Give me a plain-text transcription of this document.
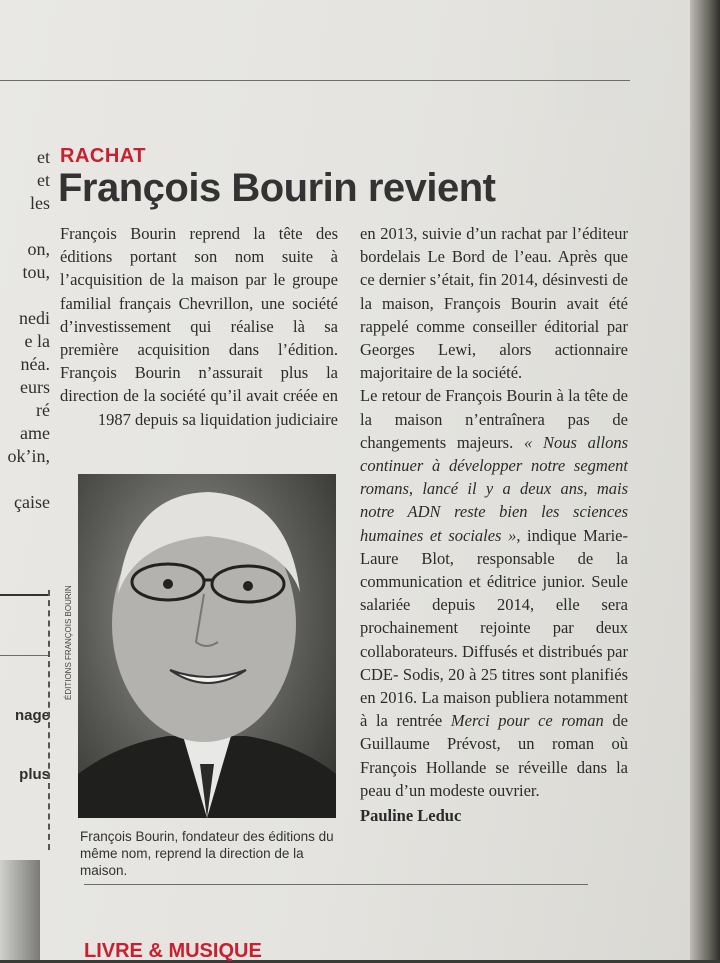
et
et
les

on,
tou,

nedi
e la
néa.
eurs
ré
ame
ok’in,

çaise
nage
plus
RACHAT
François Bourin revient

François Bourin reprend la tête des éditions portant son nom suite à l’acquisition de la maison par le groupe familial français Chevrillon, une société d’investissement qui réalise là sa première acquisition dans l’édition. François Bourin n’assurait plus la direction de la société qu’il avait créée en 1987 depuis sa liquidation judiciaire

en 2013, suivie d’un rachat par l’éditeur bordelais Le Bord de l’eau. Après que ce dernier s’était, fin 2014, désinvesti de la maison, François Bourin avait été rappelé comme conseiller éditorial par Georges Lewi, alors actionnaire majoritaire de la société.

Le retour de François Bourin à la tête de la maison n’entraînera pas de changements majeurs. « Nous allons continuer à développer notre segment romans, lancé il y a deux ans, mais notre ADN reste bien les sciences humaines et sociales », indique Marie-Laure Blot, responsable de la communication et éditrice junior. Seule salariée depuis 2014, elle sera prochainement rejointe par deux collaborateurs. Diffusés et distribués par CDE- Sodis, 20 à 25 titres sont planifiés en 2016. La maison publiera notamment à la rentrée Merci pour ce roman de Guillaume Prévost, un roman où François Hollande se réveille dans la peau d’un modeste ouvrier.

Pauline Leduc

ÉDITIONS FRANÇOIS BOURIN
François Bourin, fondateur des éditions du même nom, reprend la direction de la maison.
LIVRE & MUSIQUE
